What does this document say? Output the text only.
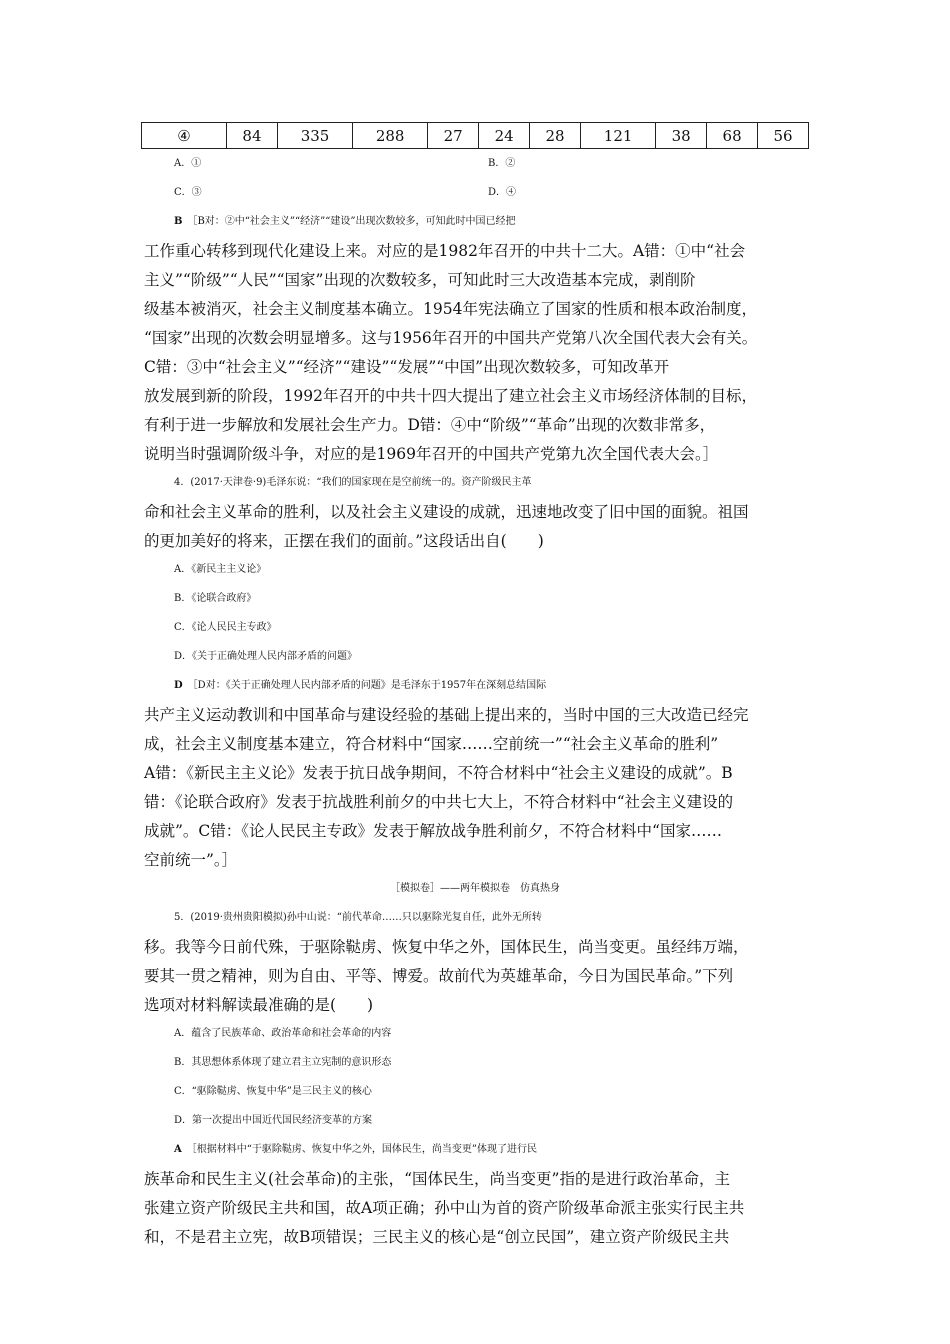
④	84	335	288	27	24	28	121	38	68	56
A．①	B．②
C．③	D．④
B　 ［B对：②中“社会主义”“经济”“建设”出现次数较多，可知此时中国已经把
工作重心转移到现代化建设上来。对应的是1982年召开的中共十二大。A错：①中“社会
主义”“阶级”“人民”“国家”出现的次数较多，可知此时三大改造基本完成，剥削阶
级基本被消灭，社会主义制度基本确立。1954年宪法确立了国家的性质和根本政治制度，
“国家”出现的次数会明显增多。这与1956年召开的中国共产党第八次全国代表大会有关。
C错：③中“社会主义”“经济”“建设”“发展”“中国”出现次数较多，可知改革开
放发展到新的阶段，1992年召开的中共十四大提出了建立社会主义市场经济体制的目标，
有利于进一步解放和发展社会生产力。D错：④中“阶级”“革命”出现的次数非常多，
说明当时强调阶级斗争，对应的是1969年召开的中国共产党第九次全国代表大会。］
4．(2017·天津卷·9)毛泽东说：“我们的国家现在是空前统一的。资产阶级民主革
命和社会主义革命的胜利，以及社会主义建设的成就，迅速地改变了旧中国的面貌。祖国
的更加美好的将来，正摆在我们的面前。”这段话出自(　　)
A．《新民主主义论》
B．《论联合政府》
C．《论人民民主专政》
D．《关于正确处理人民内部矛盾的问题》
D　 ［D对：《关于正确处理人民内部矛盾的问题》是毛泽东于1957年在深刻总结国际
共产主义运动教训和中国革命与建设经验的基础上提出来的，当时中国的三大改造已经完
成，社会主义制度基本建立，符合材料中“国家……空前统一”“社会主义革命的胜利”
A错：《新民主主义论》发表于抗日战争期间，不符合材料中“社会主义建设的成就”。B
错：《论联合政府》发表于抗战胜利前夕的中共七大上，不符合材料中“社会主义建设的
成就”。C错：《论人民民主专政》发表于解放战争胜利前夕，不符合材料中“国家……
空前统一”。］
［模拟卷］——两年模拟卷　仿真热身
5．(2019·贵州贵阳模拟)孙中山说：“前代革命……只以驱除光复自任，此外无所转
移。我等今日前代殊，于驱除鞑虏、恢复中华之外，国体民生，尚当变更。虽经纬万端，
要其一贯之精神，则为自由、平等、博爱。故前代为英雄革命，今日为国民革命。”下列
选项对材料解读最准确的是(　　)
A．蕴含了民族革命、政治革命和社会革命的内容
B．其思想体系体现了建立君主立宪制的意识形态
C．“驱除鞑虏、恢复中华”是三民主义的核心
D．第一次提出中国近代国民经济变革的方案
A　 ［根据材料中“于驱除鞑虏、恢复中华之外，国体民生，尚当变更”体现了进行民
族革命和民生主义(社会革命)的主张，“国体民生，尚当变更”指的是进行政治革命，主
张建立资产阶级民主共和国，故A项正确；孙中山为首的资产阶级革命派主张实行民主共
和，不是君主立宪，故B项错误；三民主义的核心是“创立民国”，建立资产阶级民主共
